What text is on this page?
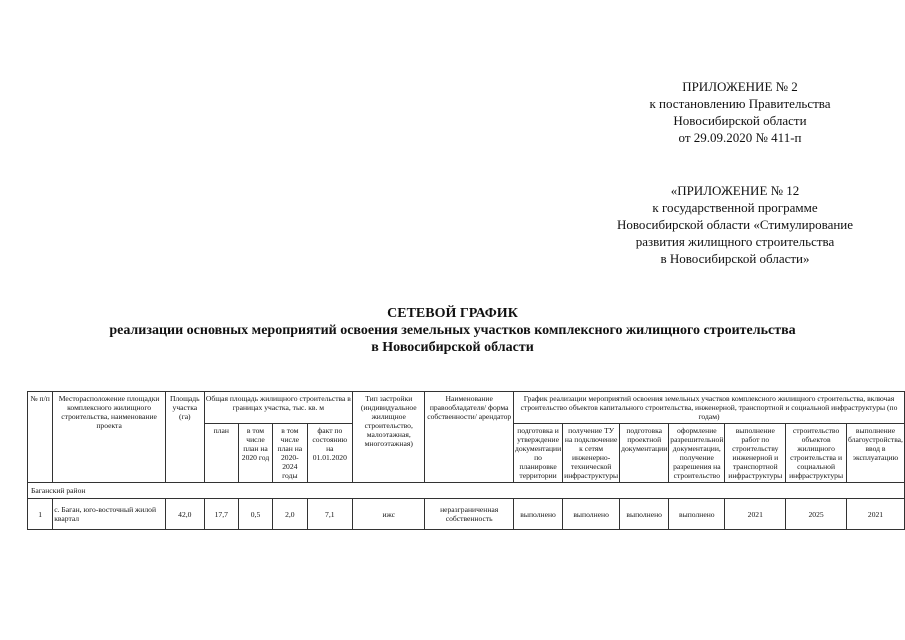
ПРИЛОЖЕНИЕ № 2
к постановлению Правительства
Новосибирской области
от 29.09.2020 № 411-п
«ПРИЛОЖЕНИЕ № 12
к государственной программе
Новосибирской области «Стимулирование
развития жилищного строительства
в Новосибирской области»
СЕТЕВОЙ ГРАФИК
реализации основных мероприятий освоения земельных участков комплексного жилищного строительства
в Новосибирской области
№ п/п	Месторасположение площадки комплексного жилищного строительства, наименование проекта	Площадь участка (га)	Общая площадь жилищного строительства в границах участка, тыс. кв. м				Тип застройки (индивидуальное жилищное строительство, малоэтажная, многоэтажная)	Наименование правообладателя/ форма собственности/ арендатор	График реализации мероприятий освоения земельных участков комплексного жилищного строительства, включая строительство объектов капитального строительства, инженерной, транспортной и социальной инфраструктуры (по годам)						
			план	в том числе план на 2020 год	в том числе план на 2020-2024 годы	факт по состоянию на 01.01.2020			подготовка и утверждение документации по планировке территории	получение ТУ на подключение к сетям инженерно-технической инфраструктуры	подготовка проектной документации	оформление разрешительной документации, получение разрешения на строительство	выполнение работ по строительству инженерной и транспортной инфраструктуры	строительство объектов жилищного строительства и социальной инфраструктуры	выполнение благоустройства, ввод в эксплуатацию
Баганский район															
1	с. Баган, юго-восточный жилой квартал	42,0	17,7	0,5	2,0	7,1	ижс	неразграниченная собственность	выполнено	выполнено	выполнено	выполнено	2021	2025	2021
